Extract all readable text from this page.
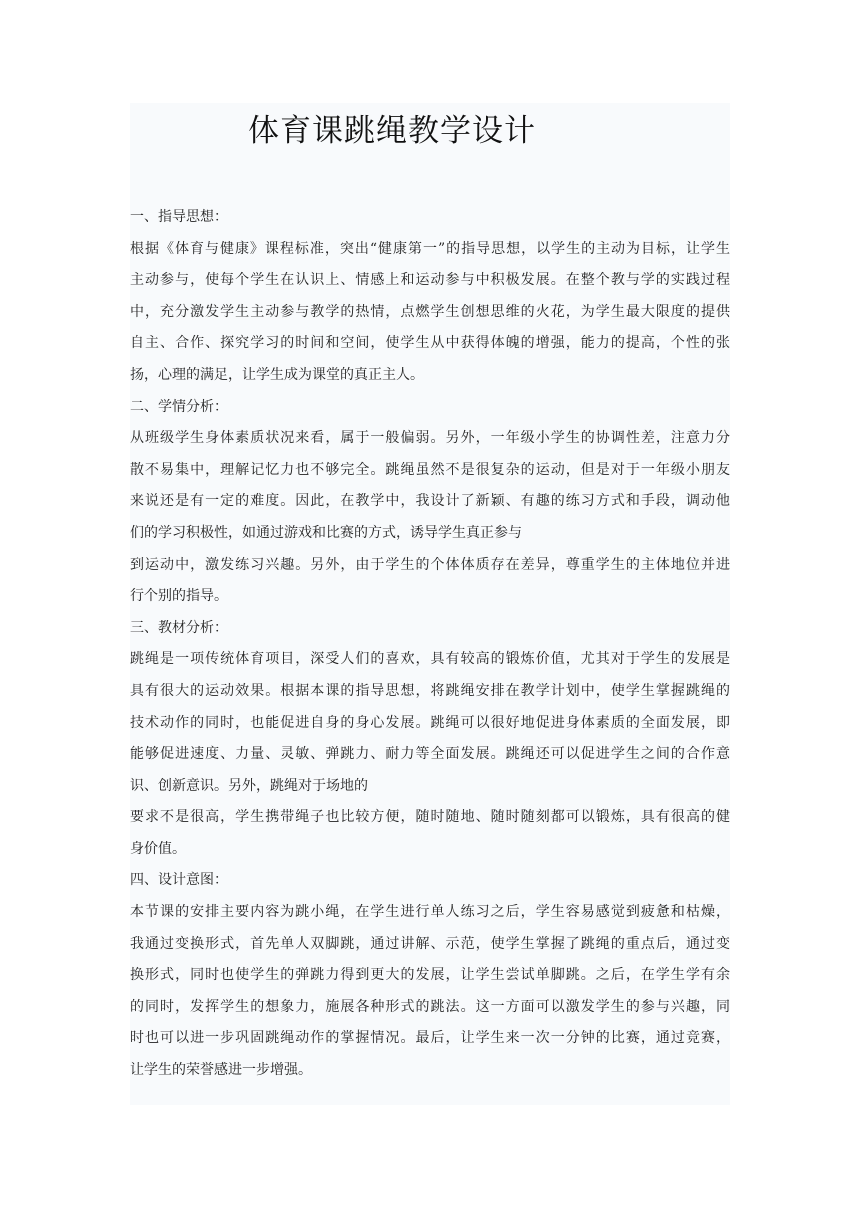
体育课跳绳教学设计
一、指导思想：
根据《体育与健康》课程标准，突出“健康第一”的指导思想，以学生的主动为目标，让学生
主动参与，使每个学生在认识上、情感上和运动参与中积极发展。在整个教与学的实践过程
中，充分激发学生主动参与教学的热情，点燃学生创想思维的火花，为学生最大限度的提供
自主、合作、探究学习的时间和空间，使学生从中获得体魄的增强，能力的提高，个性的张
扬，心理的满足，让学生成为课堂的真正主人。
二、学情分析：
从班级学生身体素质状况来看，属于一般偏弱。另外，一年级小学生的协调性差，注意力分
散不易集中，理解记忆力也不够完全。跳绳虽然不是很复杂的运动，但是对于一年级小朋友
来说还是有一定的难度。因此，在教学中，我设计了新颖、有趣的练习方式和手段，调动他
们的学习积极性，如通过游戏和比赛的方式，诱导学生真正参与
到运动中，激发练习兴趣。另外，由于学生的个体体质存在差异，尊重学生的主体地位并进
行个别的指导。
三、教材分析：
跳绳是一项传统体育项目，深受人们的喜欢，具有较高的锻炼价值，尤其对于学生的发展是
具有很大的运动效果。根据本课的指导思想，将跳绳安排在教学计划中，使学生掌握跳绳的
技术动作的同时，也能促进自身的身心发展。跳绳可以很好地促进身体素质的全面发展，即
能够促进速度、力量、灵敏、弹跳力、耐力等全面发展。跳绳还可以促进学生之间的合作意
识、创新意识。另外，跳绳对于场地的
要求不是很高，学生携带绳子也比较方便，随时随地、随时随刻都可以锻炼，具有很高的健
身价值。
四、设计意图：
本节课的安排主要内容为跳小绳，在学生进行单人练习之后，学生容易感觉到疲惫和枯燥，
我通过变换形式，首先单人双脚跳，通过讲解、示范，使学生掌握了跳绳的重点后，通过变
换形式，同时也使学生的弹跳力得到更大的发展，让学生尝试单脚跳。之后，在学生学有余
的同时，发挥学生的想象力，施展各种形式的跳法。这一方面可以激发学生的参与兴趣，同
时也可以进一步巩固跳绳动作的掌握情况。最后，让学生来一次一分钟的比赛，通过竞赛，
让学生的荣誉感进一步增强。
